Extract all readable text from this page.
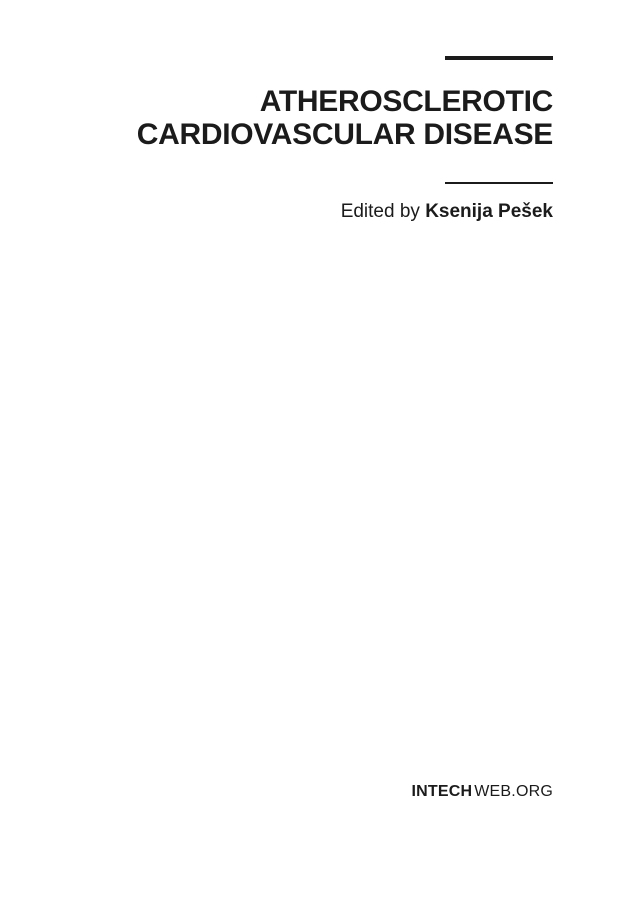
ATHEROSCLEROTIC
CARDIOVASCULAR DISEASE
Edited by Ksenija Pešek
INTECH WEB.ORG
